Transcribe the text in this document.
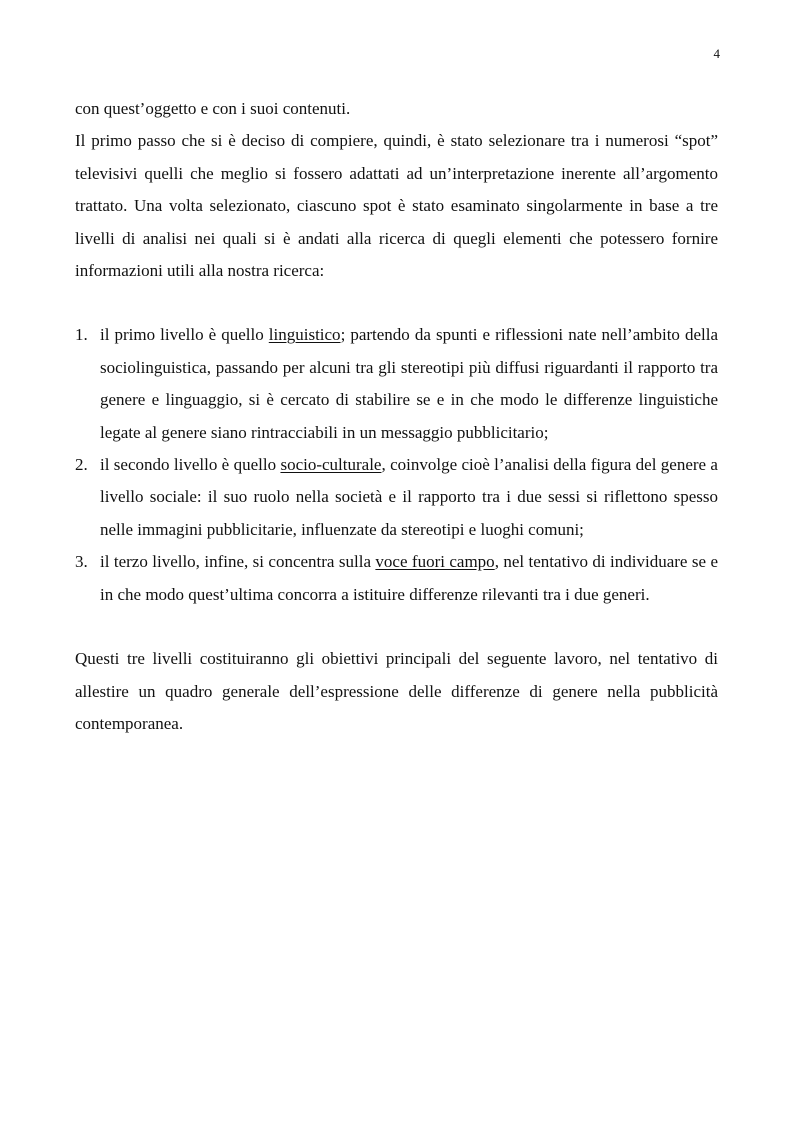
4

con quest’oggetto e con i suoi contenuti.

Il primo passo che si è deciso di compiere, quindi, è stato selezionare tra i numerosi “spot” televisivi quelli che meglio si fossero adattati ad un’interpretazione inerente all’argomento trattato. Una volta selezionato, ciascuno spot è stato esaminato singolarmente in base a tre livelli di analisi nei quali si è andati alla ricerca di quegli elementi che potessero fornire informazioni utili alla nostra ricerca:

1. il primo livello è quello linguistico; partendo da spunti e riflessioni nate nell’ambito della sociolinguistica, passando per alcuni tra gli stereotipi più diffusi riguardanti il rapporto tra genere e linguaggio, si è cercato di stabilire se e in che modo le differenze linguistiche legate al genere siano rintracciabili in un messaggio pubblicitario;
2. il secondo livello è quello socio-culturale, coinvolge cioè l’analisi della figura del genere a livello sociale: il suo ruolo nella società e il rapporto tra i due sessi si riflettono spesso nelle immagini pubblicitarie, influenzate da stereotipi e luoghi comuni;
3. il terzo livello, infine, si concentra sulla voce fuori campo, nel tentativo di individuare se e in che modo quest’ultima concorra a istituire differenze rilevanti tra i due generi.

Questi tre livelli costituiranno gli obiettivi principali del seguente lavoro, nel tentativo di allestire un quadro generale dell’espressione delle differenze di genere nella pubblicità contemporanea.
